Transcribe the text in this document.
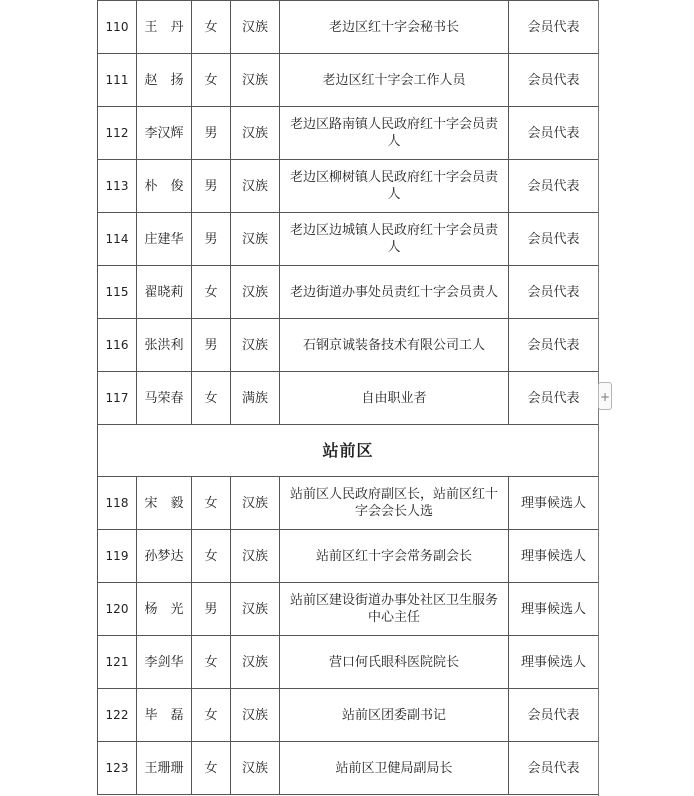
110	王　丹	女	汉族	老边区红十字会秘书长	会员代表
111	赵　扬	女	汉族	老边区红十字会工作人员	会员代表
112	李汉辉	男	汉族	老边区路南镇人民政府红十字会员责人	会员代表
113	朴　俊	男	汉族	老边区柳树镇人民政府红十字会员责人	会员代表
114	庄建华	男	汉族	老边区边城镇人民政府红十字会员责人	会员代表
115	翟晓莉	女	汉族	老边街道办事处员责红十字会员责人	会员代表
116	张洪利	男	汉族	石钢京诚装备技术有限公司工人	会员代表
117	马荣春	女	满族	自由职业者	会员代表
站前区					
118	宋　毅	女	汉族	站前区人民政府副区长，站前区红十字会会长人选	理事候选人
119	孙梦达	女	汉族	站前区红十字会常务副会长	理事候选人
120	杨　光	男	汉族	站前区建设街道办事处社区卫生服务中心主任	理事候选人
121	李剑华	女	汉族	营口何氏眼科医院院长	理事候选人
122	毕　磊	女	汉族	站前区团委副书记	会员代表
123	王珊珊	女	汉族	站前区卫健局副局长	会员代表
+
